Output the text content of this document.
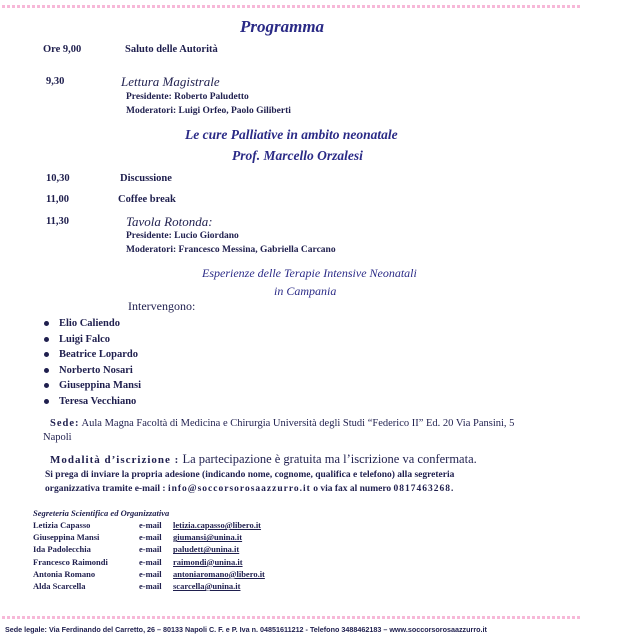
Programma
Ore 9,00	Saluto delle Autorità
9,30	Lettura Magistrale
Presidente: Roberto Paludetto
Moderatori: Luigi Orfeo, Paolo Giliberti
Le cure Palliative in ambito neonatale
Prof. Marcello Orzalesi
10,30	Discussione
11,00	Coffee break
11,30	Tavola Rotonda:
Presidente: Lucio Giordano
Moderatori: Francesco Messina, Gabriella Carcano
Esperienze delle Terapie Intensive Neonatali
in Campania
Intervengono:
Elio Caliendo
Luigi Falco
Beatrice Lopardo
Norberto Nosari
Giuseppina Mansi
Teresa Vecchiano
Sede: Aula Magna Facoltà di Medicina e Chirurgia Università degli Studi “Federico II” Ed. 20 Via Pansini, 5
Napoli
Modalità d’iscrizione : La partecipazione è gratuita ma l’iscrizione va confermata.
Si prega di inviare la propria adesione (indicando nome, cognome, qualifica e telefono) alla segreteria
organizzativa tramite e-mail : info@soccorsorosaazzurro.it o via fax al numero 0817463268.
Segreteria Scientifica ed Organizzativa
Letizia Capasso	e-mail	letizia.capasso@libero.it
Giuseppina Mansi	e-mail	giumansi@unina.it
Ida Padolecchia	e-mail	paludett@unina.it
Francesco Raimondi	e-mail	raimondi@unina.it
Antonia Romano	e-mail	antoniaromano@libero.it
Alda Scarcella	e-mail	scarcella@unina.it
Sede legale: Via Ferdinando del Carretto, 26 – 80133 Napoli C. F. e P. Iva n. 04851611212 - Telefono 3488462183 – www.soccorsorosaazzurro.it
